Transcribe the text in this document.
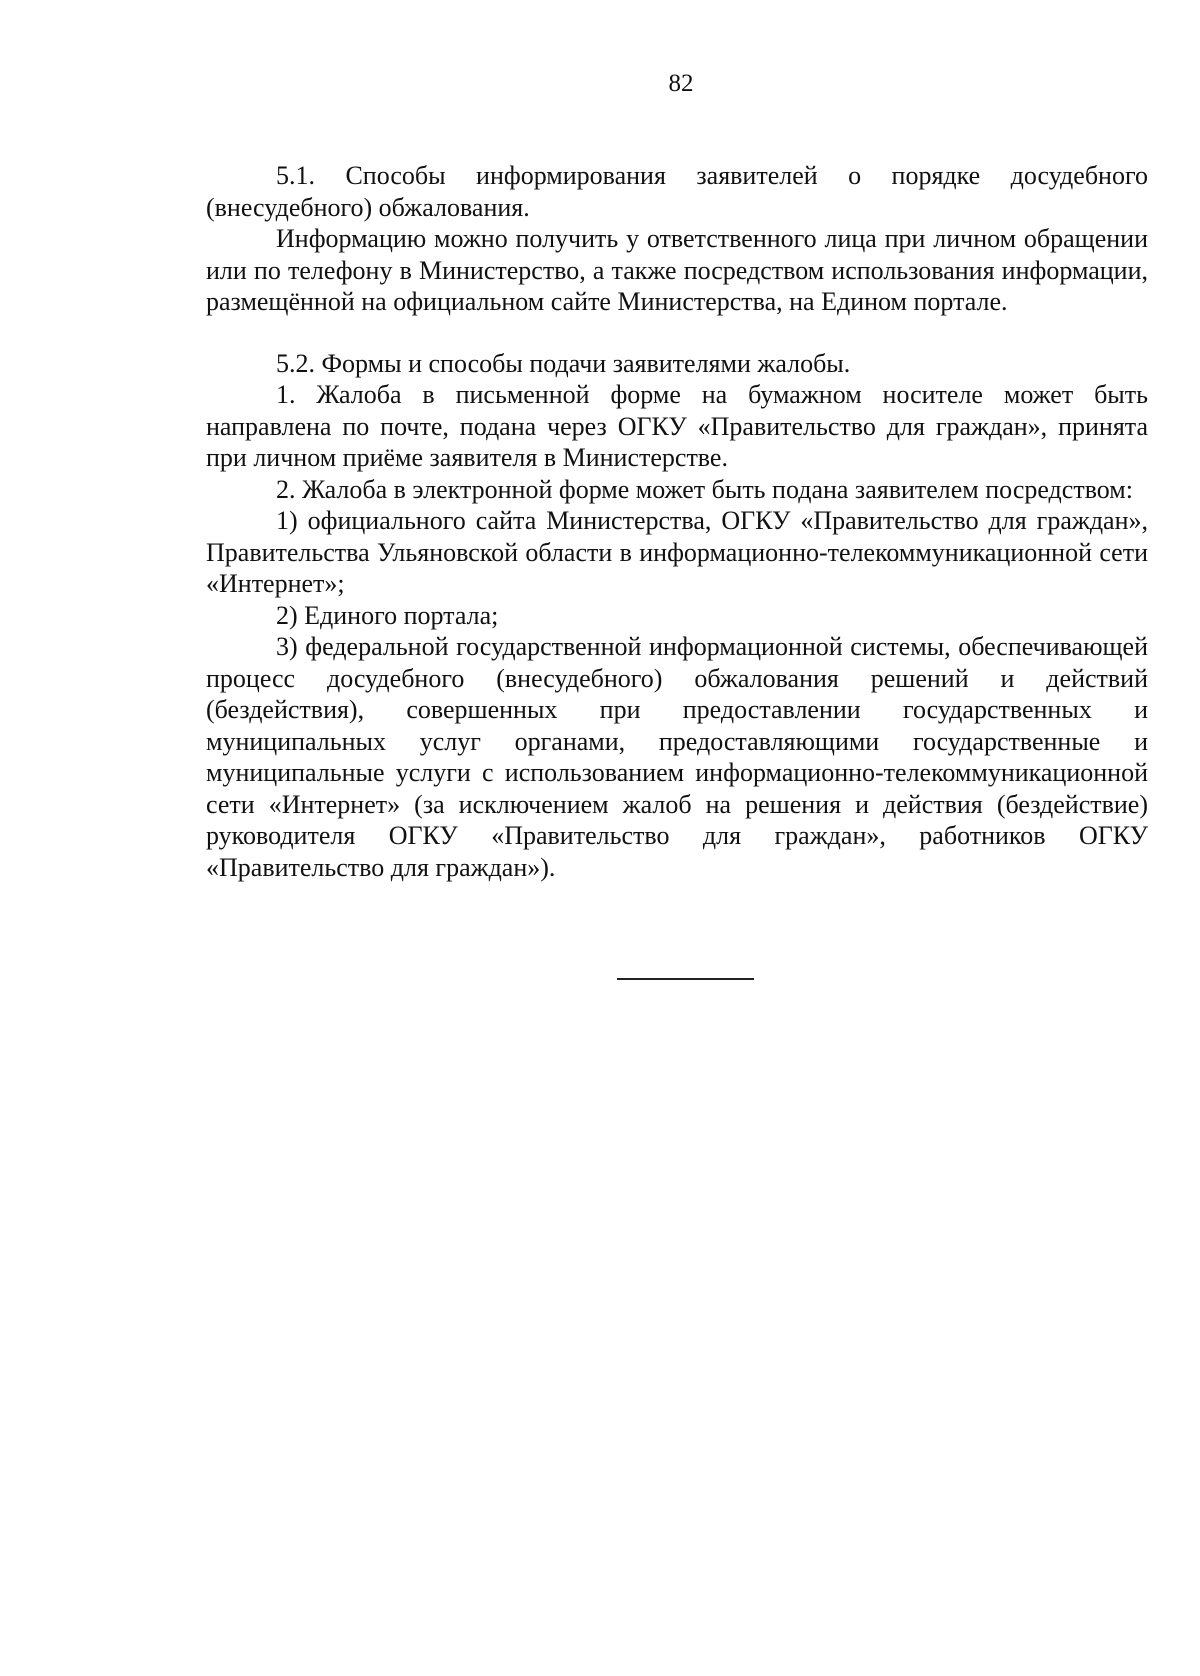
82

5.1. Способы информирования заявителей о порядке досудебного (внесудебного) обжалования.

Информацию можно получить у ответственного лица при личном обращении или по телефону в Министерство, а также посредством использования информации, размещённой на официальном сайте Министерства, на Едином портале.

5.2. Формы и способы подачи заявителями жалобы.

1. Жалоба в письменной форме на бумажном носителе может быть направлена по почте, подана через ОГКУ «Правительство для граждан», принята при личном приёме заявителя в Министерстве.

2. Жалоба в электронной форме может быть подана заявителем посредством:

1) официального сайта Министерства, ОГКУ «Правительство для граждан», Правительства Ульяновской области в информационно-телекоммуникационной сети «Интернет»;

2) Единого портала;

3) федеральной государственной информационной системы, обеспечивающей процесс досудебного (внесудебного) обжалования решений и действий (бездействия), совершенных при предоставлении государственных и муниципальных услуг органами, предоставляющими государственные и муниципальные услуги с использованием информационно-телекоммуникационной сети «Интернет» (за исключением жалоб на решения и действия (бездействие) руководителя ОГКУ «Правительство для граждан», работников ОГКУ «Правительство для граждан»).
